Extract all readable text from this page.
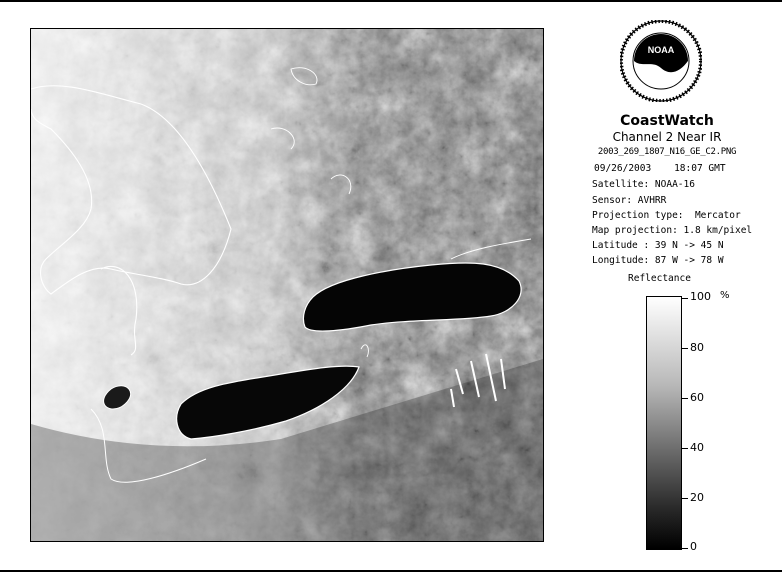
NOAA
CoastWatch
Channel 2 Near IR
2003_269_1807_N16_GE_C2.PNG
09/26/2003    18:07 GMT
Satellite: NOAA-16
Sensor: AVHRR
Projection type:  Mercator
Map projection: 1.8 km/pixel
Latitude : 39 N -> 45 N
Longitude: 87 W -> 78 W
Reflectance
%
100
80
60
40
20
0
